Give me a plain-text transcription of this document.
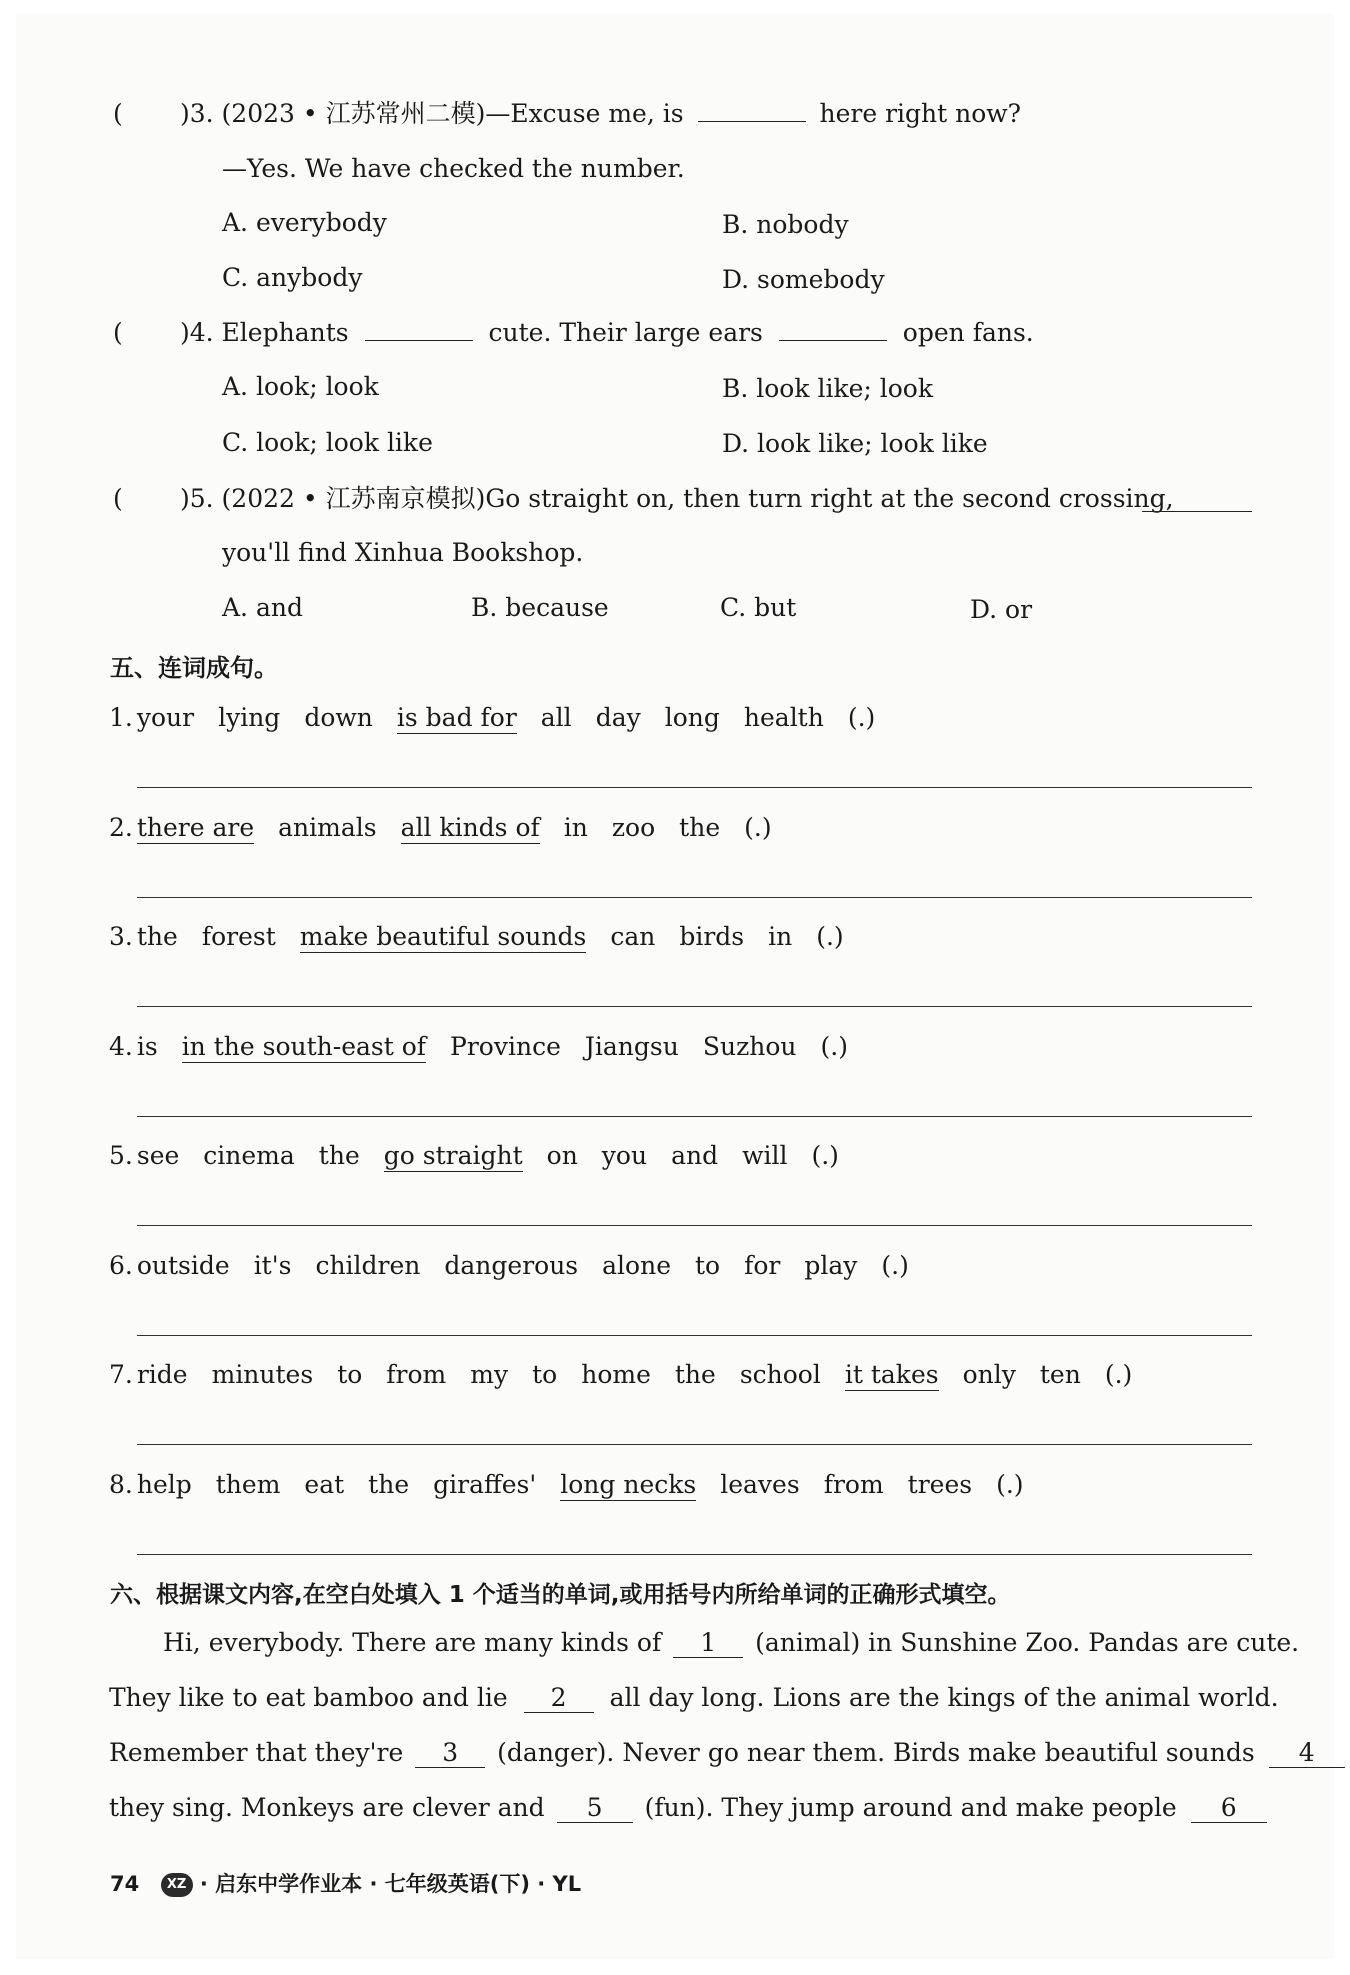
( )3. (2023 • 江苏常州二模)—Excuse me, is	here right now?
—Yes. We have checked the number.
A. everybody	B. nobody
C. anybody	D. somebody
( )4. Elephants	cute. Their large ears	open fans.
A. look; look	B. look like; look
C. look; look like	D. look like; look like
( )5. (2022 • 江苏南京模拟)Go straight on, then turn right at the second crossing,
you'll find Xinhua Bookshop.
A. and	B. because	C. but	D. or
五、连词成句。
1. your lying down is bad for all day long health (.)
2. there are animals all kinds of in zoo the (.)
3. the forest make beautiful sounds can birds in (.)
4. is in the south-east of Province Jiangsu Suzhou (.)
5. see cinema the go straight on you and will (.)
6. outside it's children dangerous alone to for play (.)
7. ride minutes to from my to home the school it takes only ten (.)
8. help them eat the giraffes' long necks leaves from trees (.)
六、根据课文内容,在空白处填入 1 个适当的单词,或用括号内所给单词的正确形式填空。
Hi, everybody. There are many kinds of 1 (animal) in Sunshine Zoo. Pandas are cute.
They like to eat bamboo and lie 2 all day long. Lions are the kings of the animal world.
Remember that they're 3 (danger). Never go near them. Birds make beautiful sounds 4
they sing. Monkeys are clever and 5 (fun). They jump around and make people 6
74 XZ · 启东中学作业本 · 七年级英语(下) · YL
